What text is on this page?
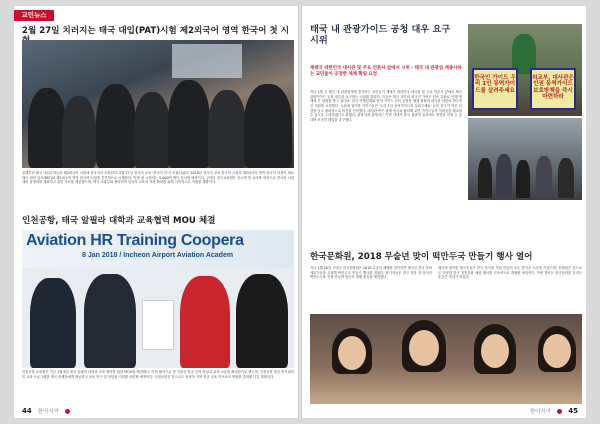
교민뉴스
2월 27일 치러지는 태국 대입(PAT)시험 제2외국어 영역 한국어 첫 시
올해부터 태국 대입수학능력 제2외국어 시험에 한국어가 포함된다. 2월 27일 한국어 교육 '한국어 어'가 포함되었다. 2018년 한국어 교육 한국어 시험과 제2외국어 영역 한국어 과정이 새로 태국 대학 입시(PAT)와 제2외국어 영역 한국어 시험을 본격적으로 시행한다. 이번 첫 시험에는 5,000여 명이 응시할 예정이다. 주태국 한국교육원은 응시생 및 교사를 대상으로 한국어 시험 대비 설명회를 개최하고 관련 자료를 제공했으며, 태국 교육부와 협력하여 한국어 교육의 저변 확대를 위해 지속적으로 지원할 계획이다.
인천공항, 태국 알필라 대학과 교육협력 MOU 체결
Aviation HR Training Coopera
8 Jan 2018 / Incheon Airport Aviation Academ
인천공항 교육원은 지난 1월 8일 태국 알필라 대학과 교육 협력을 위한 MOU를 체결했다. 이번 협약으로 양 기관은 항공 인력 양성과 교육 교류를 확대하기로 했으며, 인천공항 항공 아카데미의 교육 프로그램을 태국 학생들에게 제공하고 공동 연구 및 인턴십 기회를 마련할 예정이다. 인천공항은 앞으로도 동남아 지역 항공 교육 허브로서 역할을 강화해 나갈 계획이다.
44 한아시아
태국 내 관광가이드 공청 대우 요구 시위
재태국 대한민국 대사관 및 주요 언론사 앞에서 시위 - 태국 내 관광업 계종사하는 교민들이 공정한 체제 확립 요청
지난 1월 초 태국 내 관광업계에 종사하는 교민들이 재태국 대한민국 대사관 및 주요 언론사 앞에서 태국 관광가이드 공청 대우를 요구하는 시위를 벌였다. 이들은 태국 정부의 외국인 가이드 단속 강화로 인해 생계에 큰 위협을 받고 있다며, 한국 여행업계와 현지 가이드 간의 공정한 체제 확립과 대사관 차원의 적극적인 지원을 요청했다. 시위에 참가한 가이드들은 '우리 1인 동역가이드를 살려주세요' 등의 문구가 적힌 피켓을 들고 평화적으로 의견을 전달했다. 대사관 측은 관계 당국과 협의해 교민 가이드들의 어려움을 해소할 수 있도록 노력하겠다고 밝혔다. 관광업계 관계자는 이번 사태가 한국 관광객 유치에도 영향을 미칠 수 있다며 조속한 해결을 촉구했다.
한국인 가이드 우리 1인 동역가이드를 살려주세요
외교부, 대사관은 인권 동역가이드 보호방책을 즉시 마련하라
한국문화원, 2018 무술년 맞이 떡만두국 만들기 행사 열어
지난 1월 20일 주태국 한국문화원은 2018 무술년 새해를 맞이하여 태국인 한국 문화 애호가들을 초청해 떡만두국 만들기 행사를 열었다. 참가자들은 한국 전통 설 음식인 떡만두국을 직접 만들며 한국의 새해 풍습을 체험했다.
행사에 참가한 태국인들은 한국 음식을 직접 만들어 보는 즐거운 시간을 가졌으며, 문화원은 앞으로도 다양한 한국 전통문화 체험 행사를 지속적으로 개최할 예정이다. 이번 행사는 한국문화를 알리는 뜻깊은 자리가 되었다.
한아시아 45
